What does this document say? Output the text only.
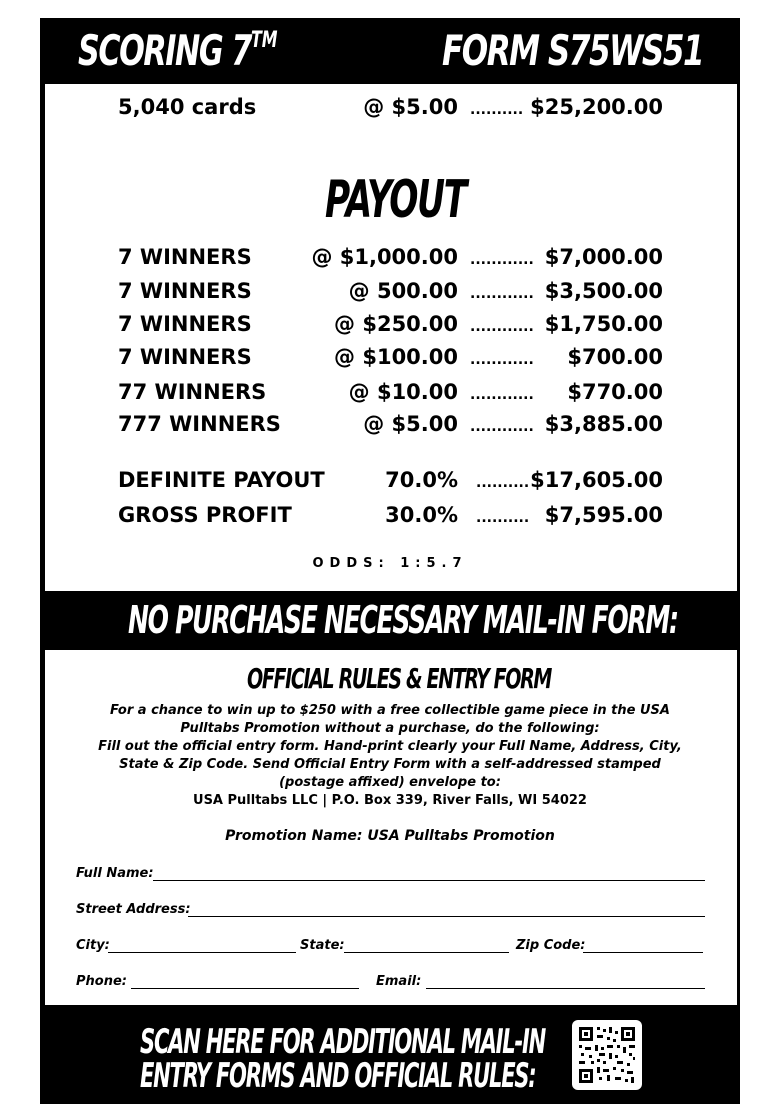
SCORING 7™	FORM S75WS51
5,040 cards	@ $5.00 .......... $25,200.00
PAYOUT
7 WINNERS	@ $1,000.00 ............ $7,000.00
7 WINNERS	@ 500.00 ............ $3,500.00
7 WINNERS	@ $250.00 ............ $1,750.00
7 WINNERS	@ $100.00 ............ $700.00
77 WINNERS	@ $10.00 ............ $770.00
777 WINNERS	@ $5.00 ............ $3,885.00
DEFINITE PAYOUT	70.0% .......... $17,605.00
GROSS PROFIT	30.0% .......... $7,595.00
ODDS: 1:5.7
NO PURCHASE NECESSARY MAIL-IN FORM:
OFFICIAL RULES & ENTRY FORM
For a chance to win up to $250 with a free collectible game piece in the USA Pulltabs Promotion without a purchase, do the following:
Fill out the official entry form. Hand-print clearly your Full Name, Address, City, State & Zip Code. Send Official Entry Form with a self-addressed stamped (postage affixed) envelope to:
USA Pulltabs LLC | P.O. Box 339, River Falls, WI 54022
Promotion Name: USA Pulltabs Promotion
Full Name:
Street Address:
City:	State:	Zip Code:
Phone:	Email:
SCAN HERE FOR ADDITIONAL MAIL-IN
ENTRY FORMS AND OFFICIAL RULES:
